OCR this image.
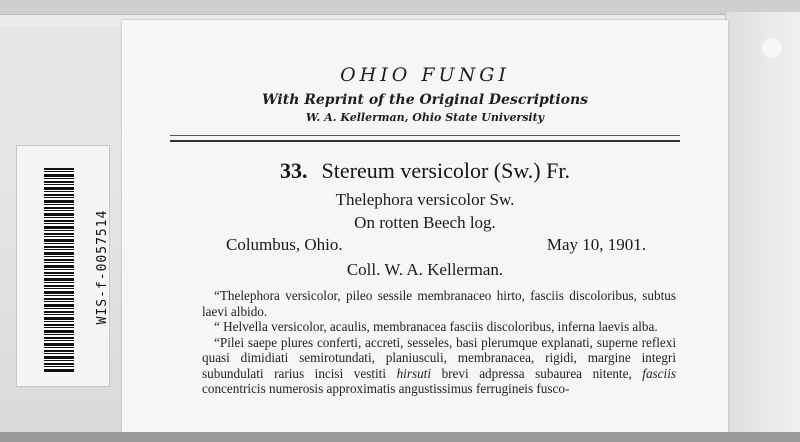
WIS-f-0057514
OHIO FUNGI
With Reprint of the Original Descriptions
W. A. Kellerman, Ohio State University
33. Stereum versicolor (Sw.) Fr.
Thelephora versicolor Sw.
On rotten Beech log.
Columbus, Ohio.	May 10, 1901.
Coll. W. A. Kellerman.

“Thelephora versicolor, pileo sessile membranaceo hirto, fasciis discoloribus, subtus laevi albido.

“ Helvella versicolor, acaulis, membranacea fasciis discoloribus, inferna laevis alba.

“Pilei saepe plures conferti, accreti, sesseles, basi plerumque explanati, superne reflexi quasi dimidiati semirotundati, planiusculi, membranacea, rigidi, margine integri subundulati rarius incisi vestiti hirsuti brevi adpressa subaurea nitente, fasciis concentricis numerosis approximatis angustissimus ferrugineis fusco-
